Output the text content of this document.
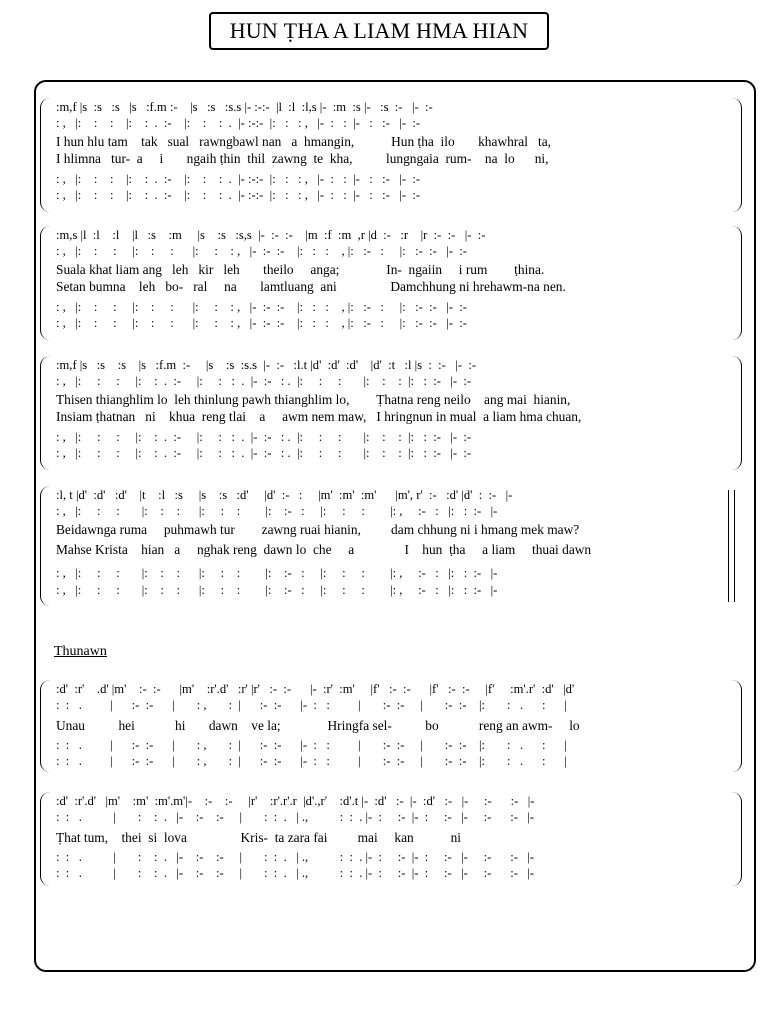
HUN ṬHA A LIAM HMA HIAN
:m,f |s  :s   :s   |s   :f.m :-    |s   :s   :s.s |- :-:-  |l  :l  :l,s |-  :m  :s |-   :s  :-   |-  :-
: ,   |:    :    :    |:    :  .  :-    |:    :    :  .  |- :-:-  |:   :   : ,   |-  :   :  |-   :   :-   |-  :-
I hun hlu tam    tak   sual   rawngbawl nan   a  hmangin,           Hun ṭha  ilo       khawhral   ta,
I hlimna   tur-  a     i       ngaih ṭhin  thil  zawng  te  kha,          lungngaia  rum-    na  lo      ni,
: ,   |:    :    :    |:    :  .  :-    |:    :    :  .  |- :-:-  |:   :   : ,   |-  :   :  |-   :   :-   |-  :-
: ,   |:    :    :    |:    :  .  :-    |:    :    :  .  |- :-:-  |:   :   : ,   |-  :   :  |-   :   :-   |-  :-
:m,s |l  :l    :l    |l   :s    :m     |s    :s   :s,s  |-  :-  :-    |m  :f  :m  ,r |d  :-   :r    |r  :-  :-   |-  :-
: ,   |:    :     :     |:    :     :      |:     :    : ,   |-  :-  :-    |:   :   :    , |:   :-   :     |:   :-  :-   |-  :-
Suala khat liam ang   leh   kir   leh       theilo     anga;              In-  ngaiin     i rum        ṭhina.
Setan bumna    leh   bo-   ral     na       lamtluang  ani                Damchhung ni hrehawm-na nen.
: ,   |:    :     :     |:    :     :      |:     :    : ,   |-  :-  :-    |:   :   :    , |:   :-   :     |:   :-  :-   |-  :-
: ,   |:    :     :     |:    :     :      |:     :    : ,   |-  :-  :-    |:   :   :    , |:   :-   :     |:   :-  :-   |-  :-
:m,f |s   :s    :s    |s   :f.m  :-     |s    :s  :s.s  |-  :-   :l.t |d'  :d'  :d'    |d'  :t   :l |s  :  :-   |-  :-
: ,   |:     :     :     |:    :  .  :-     |:     :   :  .  |-  :-   : .  |:     :     :       |:    :    :  |:   :  :-   |-  :-
Thisen thianghlim lo  leh thinlung pawh thianghlim lo,        Ṭhatna reng neilo    ang mai  hianin,
Insiam ṭhatnan   ni    khua  reng tlai    a     awm nem maw,   I hringnun in mual  a liam hma chuan,
: ,   |:     :     :     |:    :  .  :-     |:     :   :  .  |-  :-   : .  |:     :     :       |:    :    :  |:   :  :-   |-  :-
: ,   |:     :     :     |:    :  .  :-     |:     :   :  .  |-  :-   : .  |:     :     :       |:    :    :  |:   :  :-   |-  :-
:l, t |d'  :d'   :d'    |t    :l   :s     |s    :s   :d'     |d'  :-   :     |m'  :m'  :m'      |m', r'  :-   :d' |d'  :  :-   |-
: ,   |:     :     :       |:    :    :      |:     :    :        |:    :-   :     |:     :     :        |: ,     :-   :   |:   :  :-   |-
Beidawnga ruma     puhmawh tur        zawng ruai hianin,         dam chhung ni i hmang mek maw?
Mahse Krista    hian   a     nghak reng  dawn lo  che     a               I    hun  ṭha     a liam     thuai dawn
: ,   |:     :     :       |:    :    :      |:     :    :        |:    :-   :     |:     :     :        |: ,     :-   :   |:   :  :-   |-
: ,   |:     :     :       |:    :    :      |:     :    :        |:    :-   :     |:     :     :        |: ,     :-   :   |:   :  :-   |-
Thunawn
:d'  :r'    .d' |m'    :-  :-      |m'    :r'.d'   :r' |r'   :-  :-      |-  :r'  :m'     |f'   :-  :-      |f'   :-  :-     |f'     :m'.r'  :d'   |d'
:  :   .         |      :-  :-      |       : ,       :  |      :-  :-      |-  :   :         |       :-  :-     |       :-  :-    |:       :   .      :      |
Unau          hei            hi       dawn    ve la;              Hringfa sel-          bo            reng an awm-     lo
:  :   .         |      :-  :-      |       : ,       :  |      :-  :-      |-  :   :         |       :-  :-     |       :-  :-    |:       :   .      :      |
:  :   .         |      :-  :-      |       : ,       :  |      :-  :-      |-  :   :         |       :-  :-     |       :-  :-    |:       :   .      :      |
:d'  :r'.d'   |m'    :m'  :m'.m'|-    :-    :-     |r'    :r'.r'.r  |d'.,r'    :d'.t |-  :d'   :-  |-  :d'   :-   |-     :-      :-   |-
:  :   .          |       :    :  .   |-    :-    :-     |       :  :  .   | .,          :  :  . |-  :     :-  |-  :     :-   |-     :-      :-   |-
Ṭhat tum,    thei  si  lova                Kris-  ta zara fai         mai     kan           ni
:  :   .          |       :    :  .   |-    :-    :-     |       :  :  .   | .,          :  :  . |-  :     :-  |-  :     :-   |-     :-      :-   |-
:  :   .          |       :    :  .   |-    :-    :-     |       :  :  .   | .,          :  :  . |-  :     :-  |-  :     :-   |-     :-      :-   |-
